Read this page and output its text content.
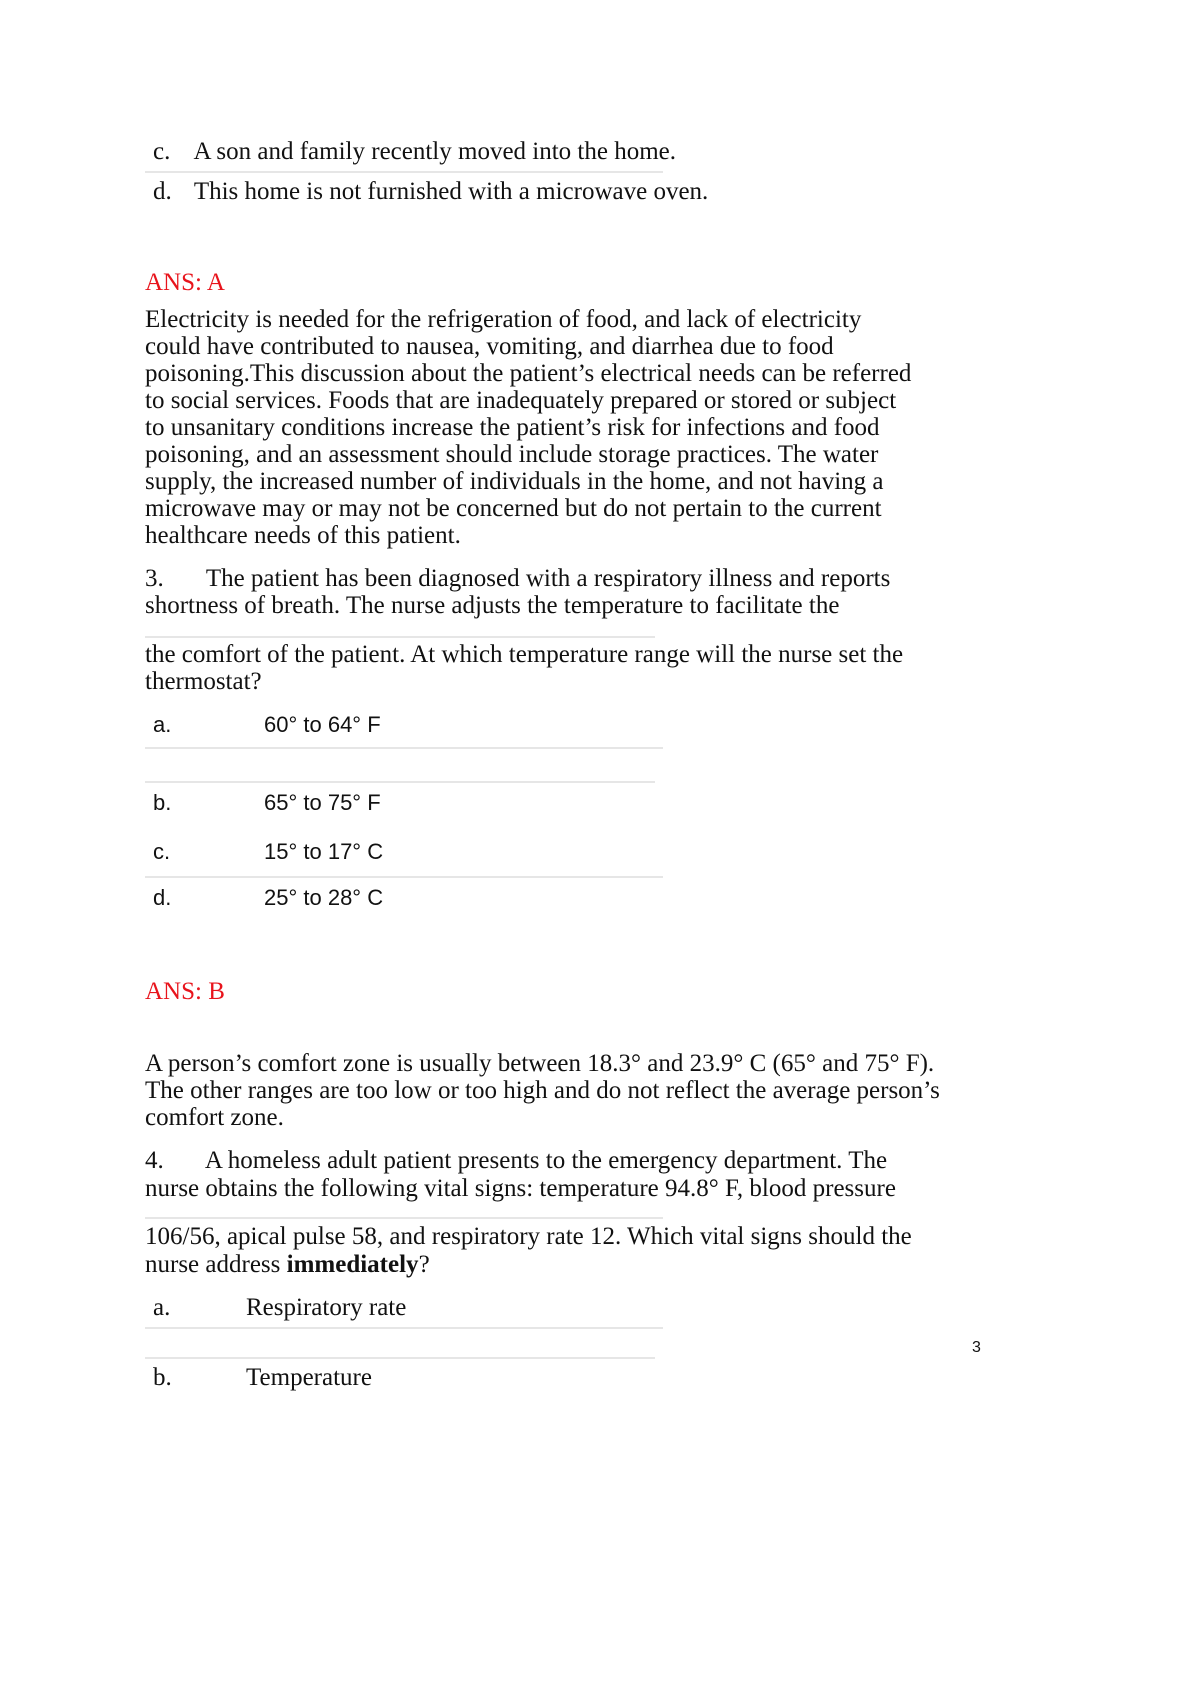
c. A son and family recently moved into the home.
d. This home is not furnished with a microwave oven.
ANS: A
Electricity is needed for the refrigeration of food, and lack of electricity
could have contributed to nausea, vomiting, and diarrhea due to food
poisoning.This discussion about the patient’s electrical needs can be referred
to social services. Foods that are inadequately prepared or stored or subject
to unsanitary conditions increase the patient’s risk for infections and food
poisoning, and an assessment should include storage practices. The water
supply, the increased number of individuals in the home, and not having a
microwave may or may not be concerned but do not pertain to the current
healthcare needs of this patient.
3. The patient has been diagnosed with a respiratory illness and reports
shortness of breath. The nurse adjusts the temperature to facilitate the
the comfort of the patient. At which temperature range will the nurse set the
thermostat?
a.	60° to 64° F
b.	65° to 75° F
c.	15° to 17° C
d.	25° to 28° C
ANS: B
A person’s comfort zone is usually between 18.3° and 23.9° C (65° and 75° F).
The other ranges are too low or too high and do not reflect the average person’s
comfort zone.
4. A homeless adult patient presents to the emergency department. The
nurse obtains the following vital signs: temperature 94.8° F, blood pressure
106/56, apical pulse 58, and respiratory rate 12. Which vital signs should the
nurse address immediately?
a.	Respiratory rate
3
b.	Temperature
